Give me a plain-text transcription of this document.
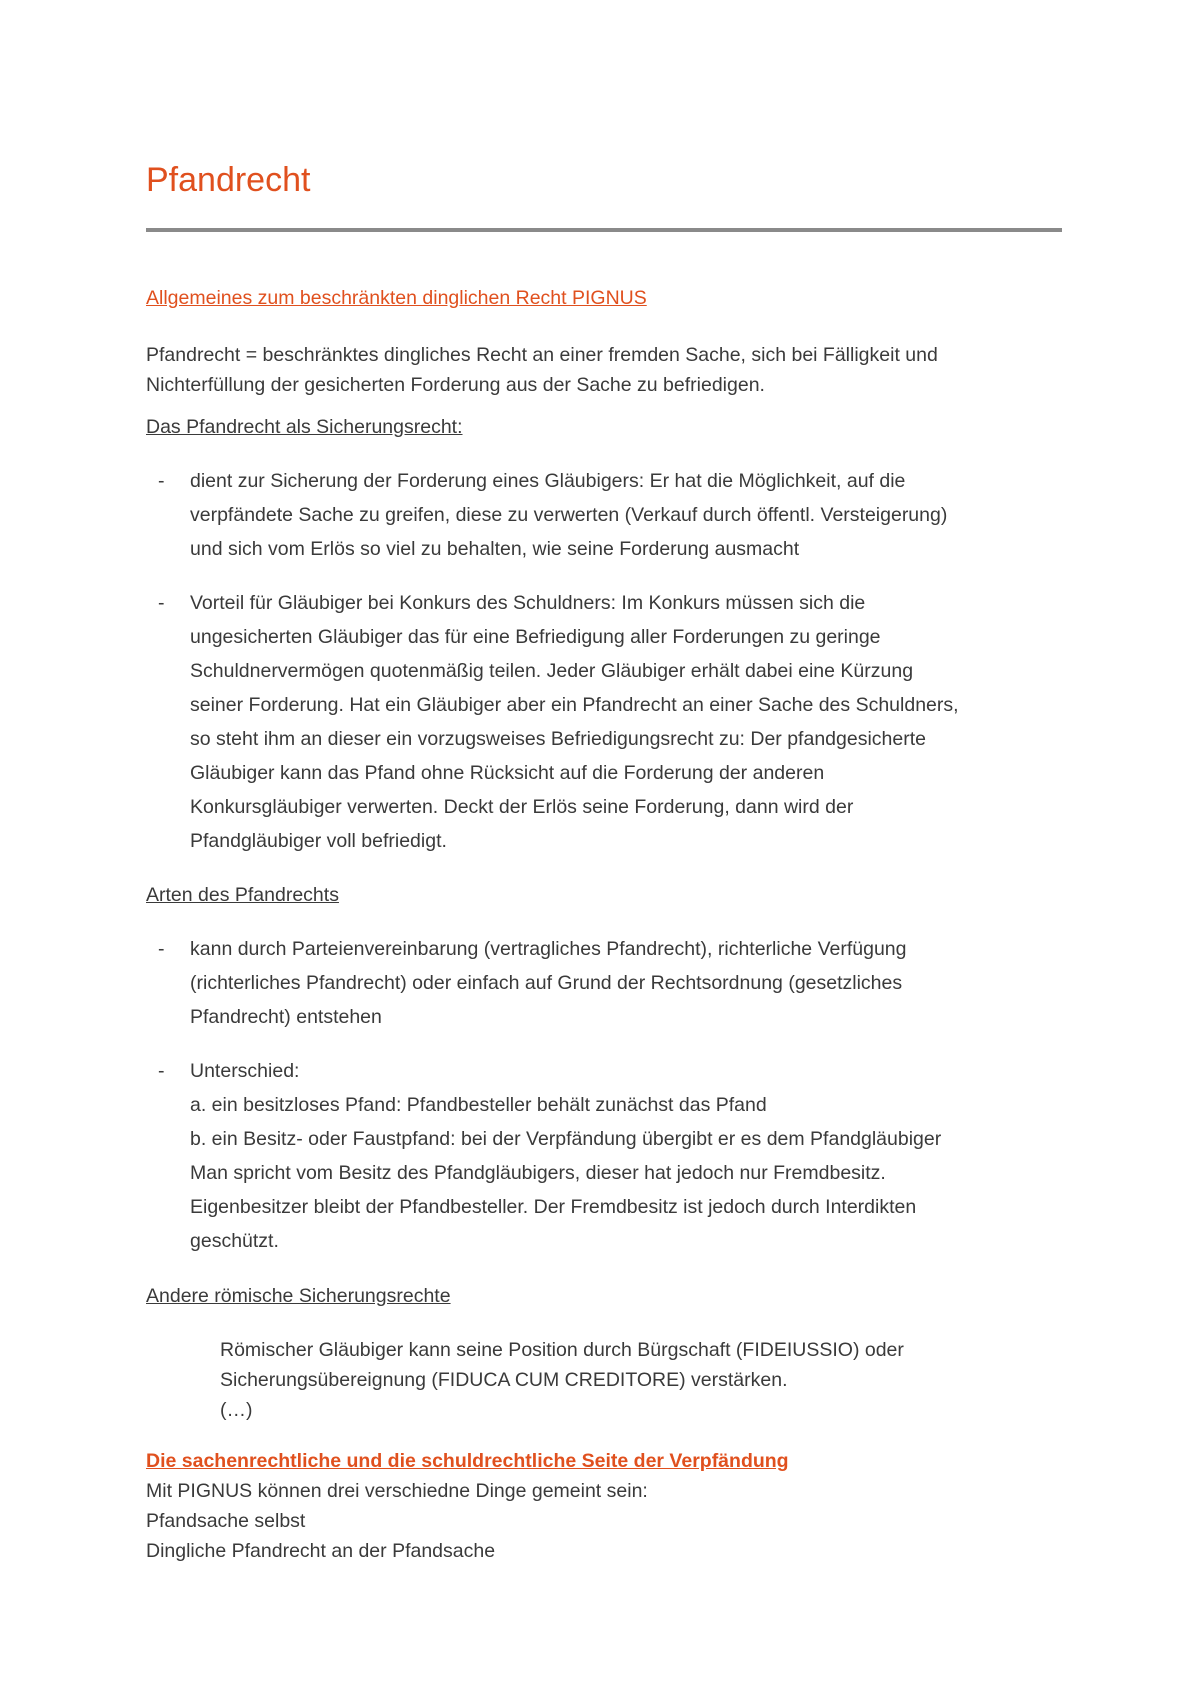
Pfandrecht
Allgemeines zum beschränkten dinglichen Recht PIGNUS
Pfandrecht = beschränktes dingliches Recht an einer fremden Sache, sich bei Fälligkeit und
Nichterfüllung der gesicherten Forderung aus der Sache zu befriedigen.
Das Pfandrecht als Sicherungsrecht:
- dient zur Sicherung der Forderung eines Gläubigers: Er hat die Möglichkeit, auf die
verpfändete Sache zu greifen, diese zu verwerten (Verkauf durch öffentl. Versteigerung)
und sich vom Erlös so viel zu behalten, wie seine Forderung ausmacht
- Vorteil für Gläubiger bei Konkurs des Schuldners: Im Konkurs müssen sich die
ungesicherten Gläubiger das für eine Befriedigung aller Forderungen zu geringe
Schuldnervermögen quotenmäßig teilen. Jeder Gläubiger erhält dabei eine Kürzung
seiner Forderung. Hat ein Gläubiger aber ein Pfandrecht an einer Sache des Schuldners,
so steht ihm an dieser ein vorzugsweises Befriedigungsrecht zu: Der pfandgesicherte
Gläubiger kann das Pfand ohne Rücksicht auf die Forderung der anderen
Konkursgläubiger verwerten. Deckt der Erlös seine Forderung, dann wird der
Pfandgläubiger voll befriedigt.
Arten des Pfandrechts
- kann durch Parteienvereinbarung (vertragliches Pfandrecht), richterliche Verfügung
(richterliches Pfandrecht) oder einfach auf Grund der Rechtsordnung (gesetzliches
Pfandrecht) entstehen
- Unterschied:
a. ein besitzloses Pfand: Pfandbesteller behält zunächst das Pfand
b. ein Besitz- oder Faustpfand: bei der Verpfändung übergibt er es dem Pfandgläubiger
Man spricht vom Besitz des Pfandgläubigers, dieser hat jedoch nur Fremdbesitz.
Eigenbesitzer bleibt der Pfandbesteller. Der Fremdbesitz ist jedoch durch Interdikten
geschützt.
Andere römische Sicherungsrechte
Römischer Gläubiger kann seine Position durch Bürgschaft (FIDEIUSSIO) oder
Sicherungsübereignung (FIDUCA CUM CREDITORE) verstärken.
(…)
Die sachenrechtliche und die schuldrechtliche Seite der Verpfändung
Mit PIGNUS können drei verschiedne Dinge gemeint sein:
Pfandsache selbst
Dingliche Pfandrecht an der Pfandsache
